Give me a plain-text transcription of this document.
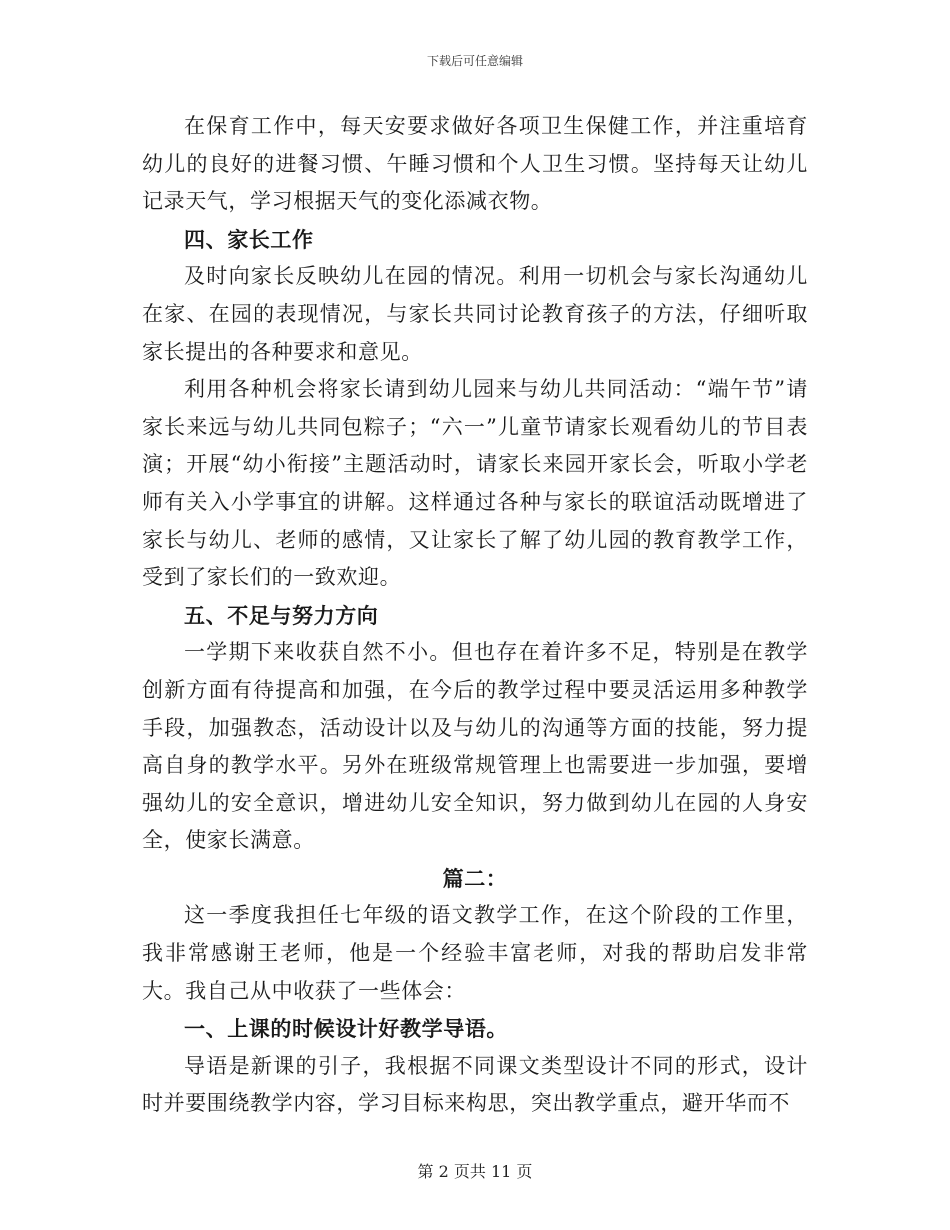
下载后可任意编辑

在保育工作中，每天安要求做好各项卫生保健工作，并注重培育幼儿的良好的进餐习惯、午睡习惯和个人卫生习惯。坚持每天让幼儿记录天气，学习根据天气的变化添减衣物。

四、家长工作

及时向家长反映幼儿在园的情况。利用一切机会与家长沟通幼儿在家、在园的表现情况，与家长共同讨论教育孩子的方法，仔细听取家长提出的各种要求和意见。

利用各种机会将家长请到幼儿园来与幼儿共同活动：“端午节”请家长来远与幼儿共同包粽子；“六一”儿童节请家长观看幼儿的节目表演；开展“幼小衔接”主题活动时，请家长来园开家长会，听取小学老师有关入小学事宜的讲解。这样通过各种与家长的联谊活动既增进了家长与幼儿、老师的感情，又让家长了解了幼儿园的教育教学工作，受到了家长们的一致欢迎。

五、不足与努力方向

一学期下来收获自然不小。但也存在着许多不足，特别是在教学创新方面有待提高和加强，在今后的教学过程中要灵活运用多种教学手段，加强教态，活动设计以及与幼儿的沟通等方面的技能，努力提高自身的教学水平。另外在班级常规管理上也需要进一步加强，要增强幼儿的安全意识，增进幼儿安全知识，努力做到幼儿在园的人身安全，使家长满意。

篇二：

这一季度我担任七年级的语文教学工作，在这个阶段的工作里，我非常感谢王老师，他是一个经验丰富老师，对我的帮助启发非常大。我自己从中收获了一些体会：

一、上课的时候设计好教学导语。

导语是新课的引子，我根据不同课文类型设计不同的形式，设计时并要围绕教学内容，学习目标来构思，突出教学重点，避开华而不

第 2 页共 11 页
